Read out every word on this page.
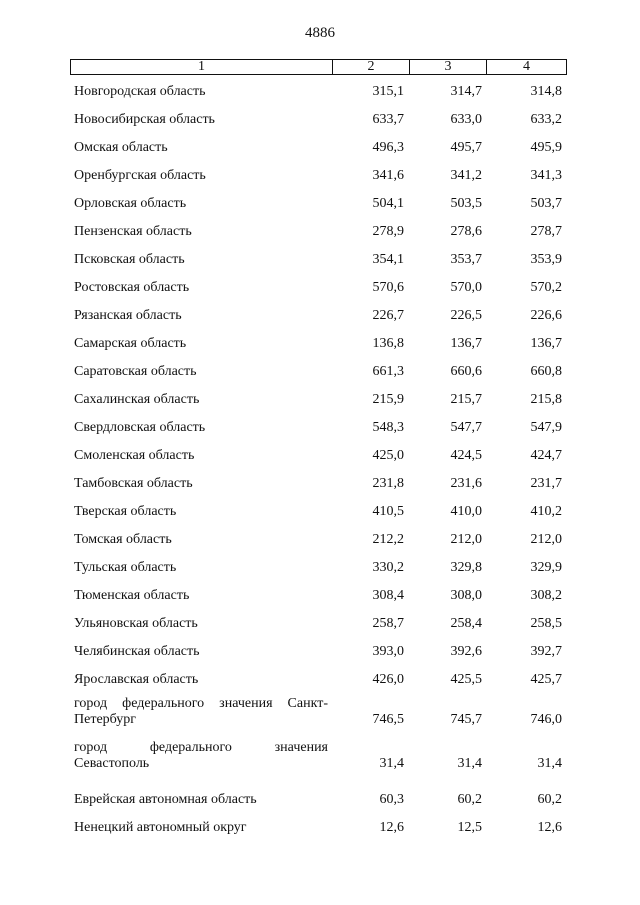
4886
1	2	3	4
Новгородская область	315,1	314,7	314,8
Новосибирская область	633,7	633,0	633,2
Омская область	496,3	495,7	495,9
Оренбургская область	341,6	341,2	341,3
Орловская область	504,1	503,5	503,7
Пензенская область	278,9	278,6	278,7
Псковская область	354,1	353,7	353,9
Ростовская область	570,6	570,0	570,2
Рязанская область	226,7	226,5	226,6
Самарская область	136,8	136,7	136,7
Саратовская область	661,3	660,6	660,8
Сахалинская область	215,9	215,7	215,8
Свердловская область	548,3	547,7	547,9
Смоленская область	425,0	424,5	424,7
Тамбовская область	231,8	231,6	231,7
Тверская область	410,5	410,0	410,2
Томская область	212,2	212,0	212,0
Тульская область	330,2	329,8	329,9
Тюменская область	308,4	308,0	308,2
Ульяновская область	258,7	258,4	258,5
Челябинская область	393,0	392,6	392,7
Ярославская область	426,0	425,5	425,7
город федерального значения Санкт-Петербург	746,5	745,7	746,0
город федерального значения Севастополь	31,4	31,4	31,4
Еврейская автономная область	60,3	60,2	60,2
Ненецкий автономный округ	12,6	12,5	12,6
